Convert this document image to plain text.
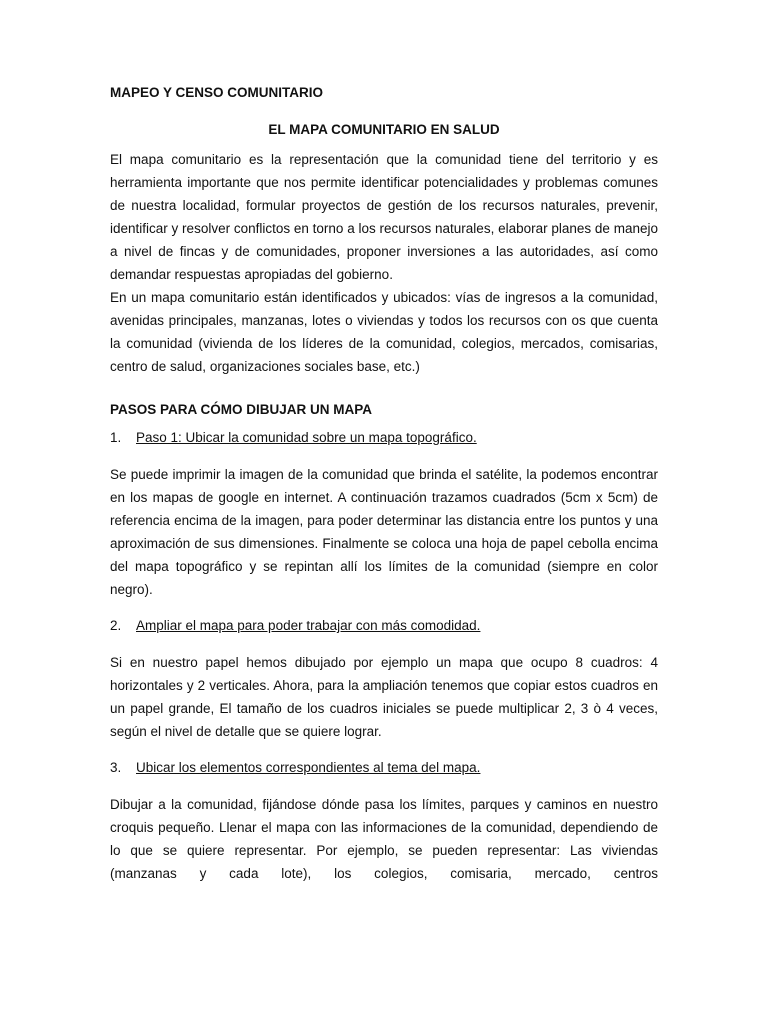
MAPEO Y CENSO COMUNITARIO
EL MAPA COMUNITARIO EN SALUD

El mapa comunitario es la representación que la comunidad tiene del territorio y es herramienta importante que nos permite identificar potencialidades y problemas comunes de nuestra localidad, formular proyectos de gestión de los recursos naturales, prevenir, identificar y resolver conflictos en torno a los recursos naturales, elaborar planes de manejo a nivel de fincas y de comunidades, proponer inversiones a las autoridades, así como demandar respuestas apropiadas del gobierno.

En un mapa comunitario están identificados y ubicados: vías de ingresos a la comunidad, avenidas principales, manzanas, lotes o viviendas y todos los recursos con os que cuenta la comunidad (vivienda de los líderes de la comunidad, colegios, mercados, comisarias, centro de salud, organizaciones sociales base, etc.)

PASOS PARA CÓMO DIBUJAR UN MAPA
1. Paso 1: Ubicar la comunidad sobre un mapa topográfico.

Se puede imprimir la imagen de la comunidad que brinda el satélite, la podemos encontrar en los mapas de google en internet. A continuación trazamos cuadrados (5cm x 5cm) de referencia encima de la imagen, para poder determinar las distancia entre los puntos y una aproximación de sus dimensiones. Finalmente se coloca una hoja de papel cebolla encima del mapa topográfico y se repintan allí los límites de la comunidad (siempre en color negro).

2. Ampliar el mapa para poder trabajar con más comodidad.

Si en nuestro papel hemos dibujado por ejemplo un mapa que ocupo 8 cuadros: 4 horizontales y 2 verticales. Ahora, para la ampliación tenemos que copiar estos cuadros en un papel grande, El tamaño de los cuadros iniciales se puede multiplicar 2, 3 ò 4 veces, según el nivel de detalle que se quiere lograr.

3. Ubicar los elementos correspondientes al tema del mapa.

Dibujar a la comunidad, fijándose dónde pasa los límites, parques y caminos en nuestro croquis pequeño. Llenar el mapa con las informaciones de la comunidad, dependiendo de lo que se quiere representar. Por ejemplo, se pueden representar: Las viviendas (manzanas y cada lote), los colegios, comisaria, mercado, centros
